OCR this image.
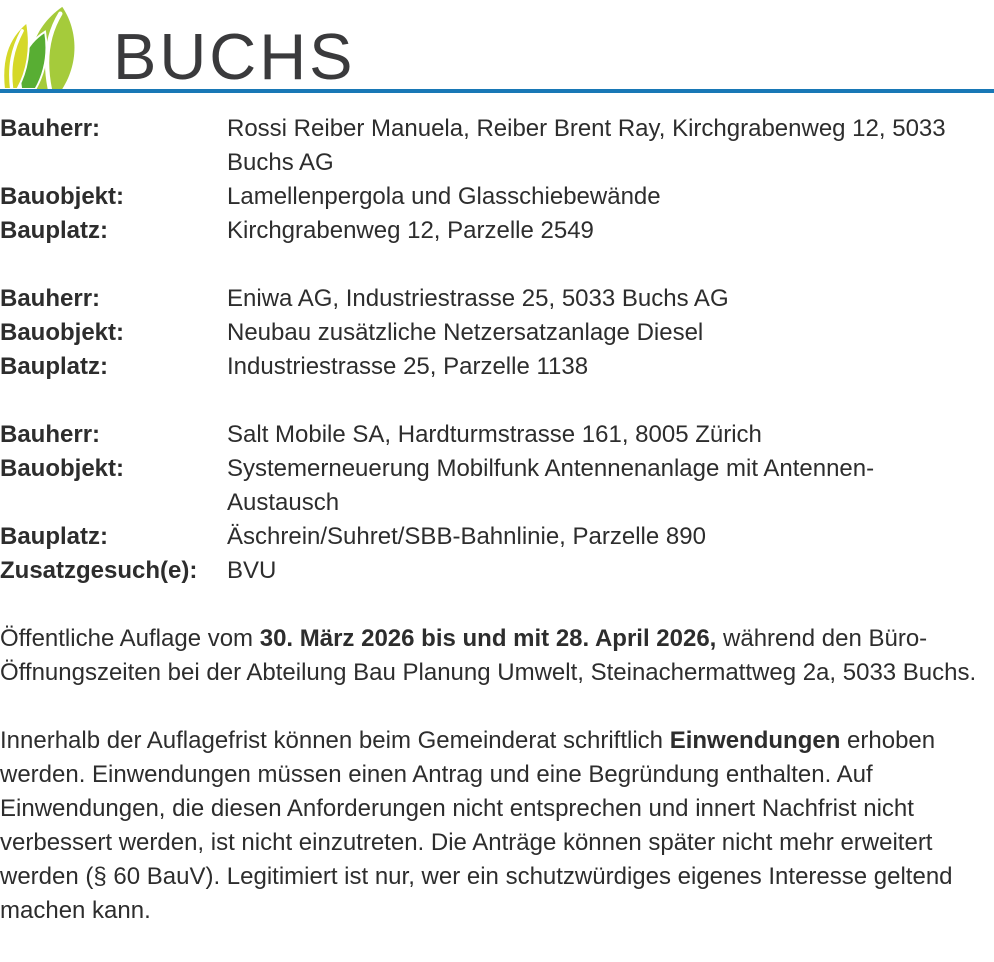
BUCHS
Bauherr:	Rossi Reiber Manuela, Reiber Brent Ray, Kirchgrabenweg 12, 5033 Buchs AG
Bauobjekt:	Lamellenpergola und Glasschiebewände
Bauplatz:	Kirchgrabenweg 12, Parzelle 2549
Bauherr:	Eniwa AG, Industriestrasse 25, 5033 Buchs AG
Bauobjekt:	Neubau zusätzliche Netzersatzanlage Diesel
Bauplatz:	Industriestrasse 25, Parzelle 1138
Bauherr:	Salt Mobile SA, Hardturmstrasse 161, 8005 Zürich
Bauobjekt:	Systemerneuerung Mobilfunk Antennenanlage mit Antennen-Austausch
Bauplatz:	Äschrein/Suhret/SBB-Bahnlinie, Parzelle 890
Zusatzgesuch(e):	BVU

Öffentliche Auflage vom 30. März 2026 bis und mit 28. April 2026, während den Büro-Öffnungszeiten bei der Abteilung Bau Planung Umwelt, Steinachermattweg 2a, 5033 Buchs.

Innerhalb der Auflagefrist können beim Gemeinderat schriftlich Einwendungen erhoben werden. Einwendungen müssen einen Antrag und eine Begründung enthalten. Auf Einwendungen, die diesen Anforderungen nicht entsprechen und innert Nachfrist nicht verbessert werden, ist nicht einzutreten. Die Anträge können später nicht mehr erweitert werden (§ 60 BauV). Legitimiert ist nur, wer ein schutzwürdiges eigenes Interesse geltend machen kann.
